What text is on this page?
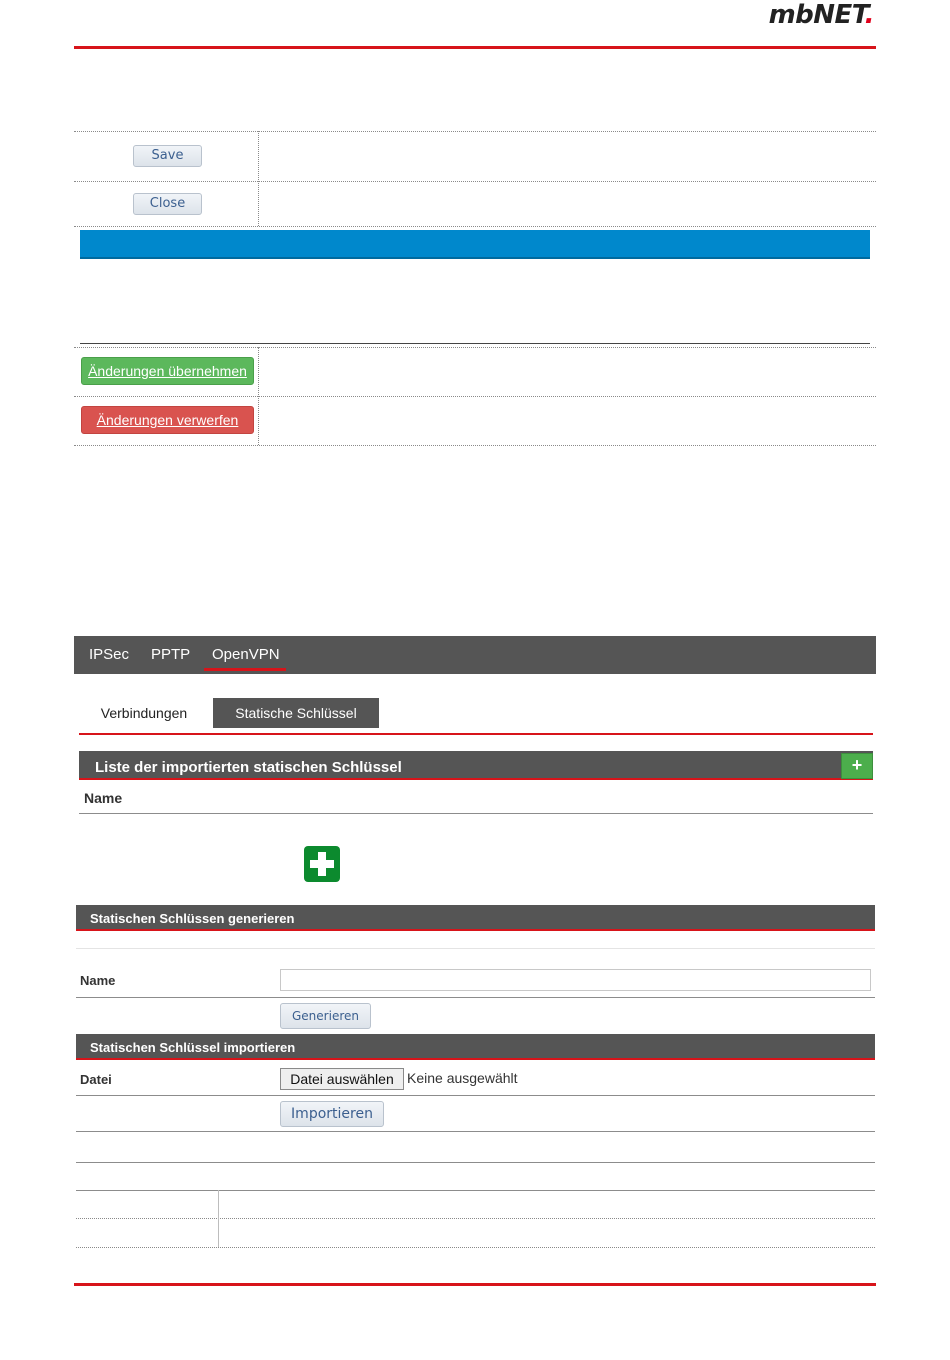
mbNET.
Save
Close
Änderungen übernehmen
Änderungen verwerfen
IPSec PPTP OpenVPN
Verbindungen	Statische Schlüssel
Liste der importierten statischen Schlüssel	+
Name
Statischen Schlüssen generieren
Name
Generieren
Statischen Schlüssel importieren
Datei	Datei auswählen Keine ausgewählt
Importieren
